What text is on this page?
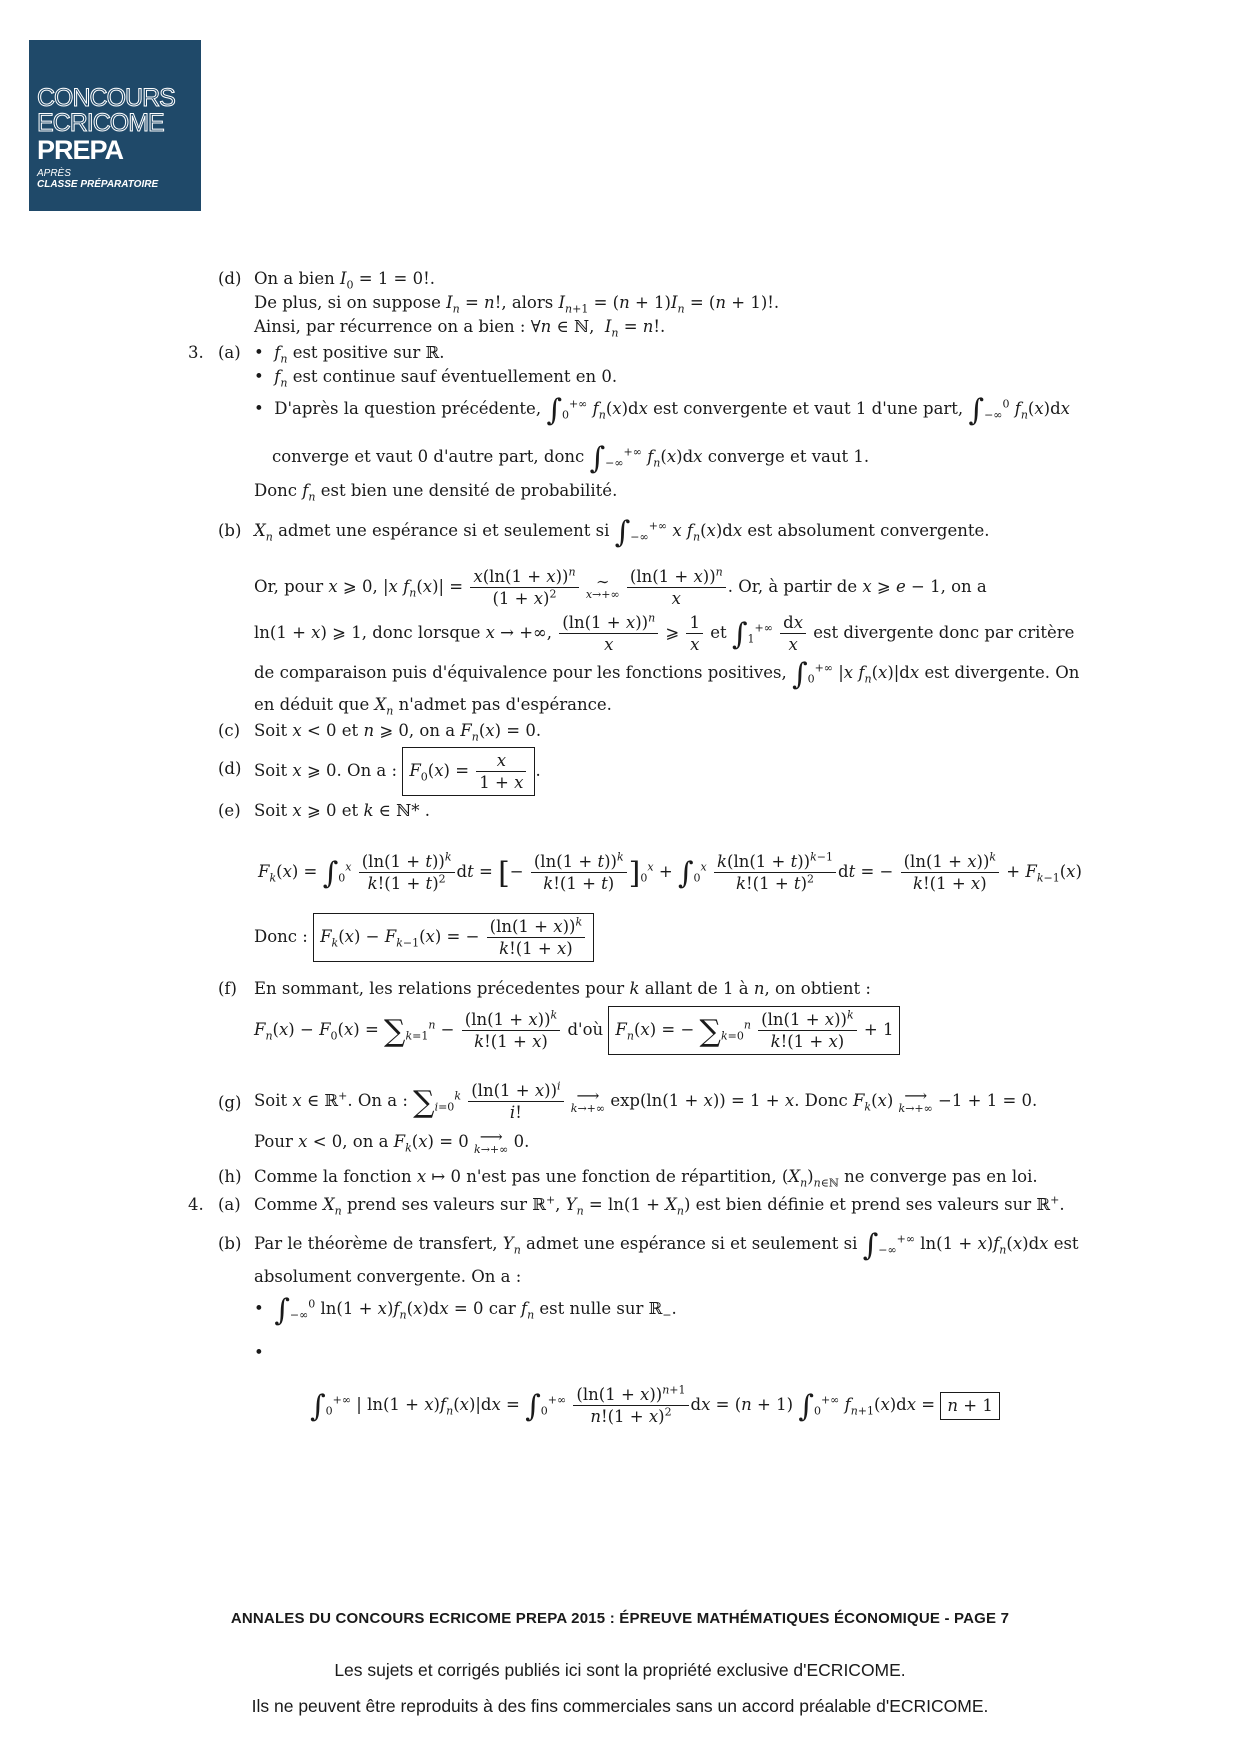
CONCOURS
ECRICOME
PREPA
APRÈS
CLASSE PRÉPARATOIRE
(d) On a bien $I_0 = 1 = 0$!.
De plus, si on suppose $I_n = n$!, alors $I_{n+1} = (n + 1)I_n = (n + 1)$!.
Ainsi, par récurrence on a bien : ∀n ∈ ℕ,  $I_n = n$!.
3. (a) • $f_n$ est positive sur ℝ.
• $f_n$ est continue sauf éventuellement en 0.
• D'après la question précédente, $\int_0^{+\infty}$ $f_n(x)dx$ est convergente et vaut 1 d'une part, $\int_{-\infty}^0$ $f_n(x)dx$
converge et vaut 0 d'autre part, donc $\int_{-\infty}^{+\infty}$ $f_n(x)dx$ converge et vaut 1.
Donc $f_n$ est bien une densité de probabilité.
(b) $X_n$ admet une espérance si et seulement si $\int_{-\infty}^{+\infty}$ x $f_n(x)dx$ est absolument convergente.
Or, pour x ⩾ 0, |x $f_n(x)| = \frac{x(\ln(1 + x))^n}{(1 + x)^2}$
	∼
$x\to+\infty \frac{(\ln(1 + x))^n}{x}$ . Or, à partir de x ⩾ e − 1, on a
ln(1 + x) ⩾ 1, donc lorsque x → +∞, $\frac{(\ln(1 + x))^n}{x}$ ⩾ $\frac{1}{x}$ et $\int_1^{+\infty} \frac{dx}{x}$ est divergente donc par critère
de comparaison puis d'équivalence pour les fonctions positives, $\int_0^{+\infty}$ |x $f_n(x)|dx$ est divergente. On
en déduit que $X_n$ n'admet pas d'espérance.
(c) Soit x < 0 et n ⩾ 0, on a $F_n(x) = 0$.
(d) Soit x ⩾ 0. On a : $F_0(x) = \frac{x}{1 + x}$ .
(e) Soit x ⩾ 0 et k ∈ ℕ* .
$F_k(x) = \int_0^x \frac{(\ln(1 + t))^k}{k!(1 + t)^2}$ dt = [− $\frac{(\ln(1 + t))^k}{k!(1 + t)} ]_0^x + \int_0^x \frac{k(\ln(1 + t))^{k-1}}{k!(1 + t)^2}$ dt = − $\frac{(\ln(1 + x))^k}{k!(1 + x)} + F_{k-1}(x)$
Donc : $F_k(x) - F_{k-1}(x)$ = − $\frac{(\ln(1 + x))^k}{k!(1 + x)}$
(f) En sommant, les relations précedentes pour k allant de 1 à n, on obtient :
$F_n(x) - F_0(x) = \sum_{k=1}^n - \frac{(\ln(1 + x))^k}{k!(1 + x)}$ d'où $F_n(x)$ = − $\sum_{k=0}^n \frac{(\ln(1 + x))^k}{k!(1 + x)} + 1$
(g) Soit x ∈ ℝ+. On a : $\sum_{i=0}^k \frac{(\ln(1 + x))^i}{i!}$
⟶
k→+∞ exp(ln(1 + x)) = 1 + x. Donc $F_k(x)$ ⟶
k→+∞ −1 + 1 = 0.
Pour x < 0, on a $F_k(x) = 0$ ⟶
k→+∞ 0.
(h) Comme la fonction x ↦ 0 n'est pas une fonction de répartition, $(X_n)_{n\in ℕ}$ ne converge pas en loi.
4. (a) Comme $X_n$ prend ses valeurs sur ℝ+, $Y_n = \ln(1 + X_n)$ est bien définie et prend ses valeurs sur ℝ+.
(b) Par le théorème de transfert, $Y_n$ admet une espérance si et seulement si $\int_{-\infty}^{+\infty}$ $\ln(1 + x)f_n(x)dx$ est
absolument convergente. On a :
• $\int_{-\infty}^0$ $\ln(1 + x)f_n(x)dx = 0$ car $f_n$ est nulle sur ℝ$_-$.
•
$\int_0^{+\infty}$ | $\ln(1 + x)f_n(x)|dx = \int_0^{+\infty} \frac{(\ln(1 + x))^{n+1}}{n!(1 + x)^2}$ dx = (n + 1) $\int_0^{+\infty}$ $f_{n+1}(x)dx = n + 1$
ANNALES DU CONCOURS ECRICOME PREPA 2015 : ÉPREUVE MATHÉMATIQUES ÉCONOMIQUE - PAGE 7
Les sujets et corrigés publiés ici sont la propriété exclusive d'ECRICOME.
Ils ne peuvent être reproduits à des fins commerciales sans un accord préalable d'ECRICOME.
